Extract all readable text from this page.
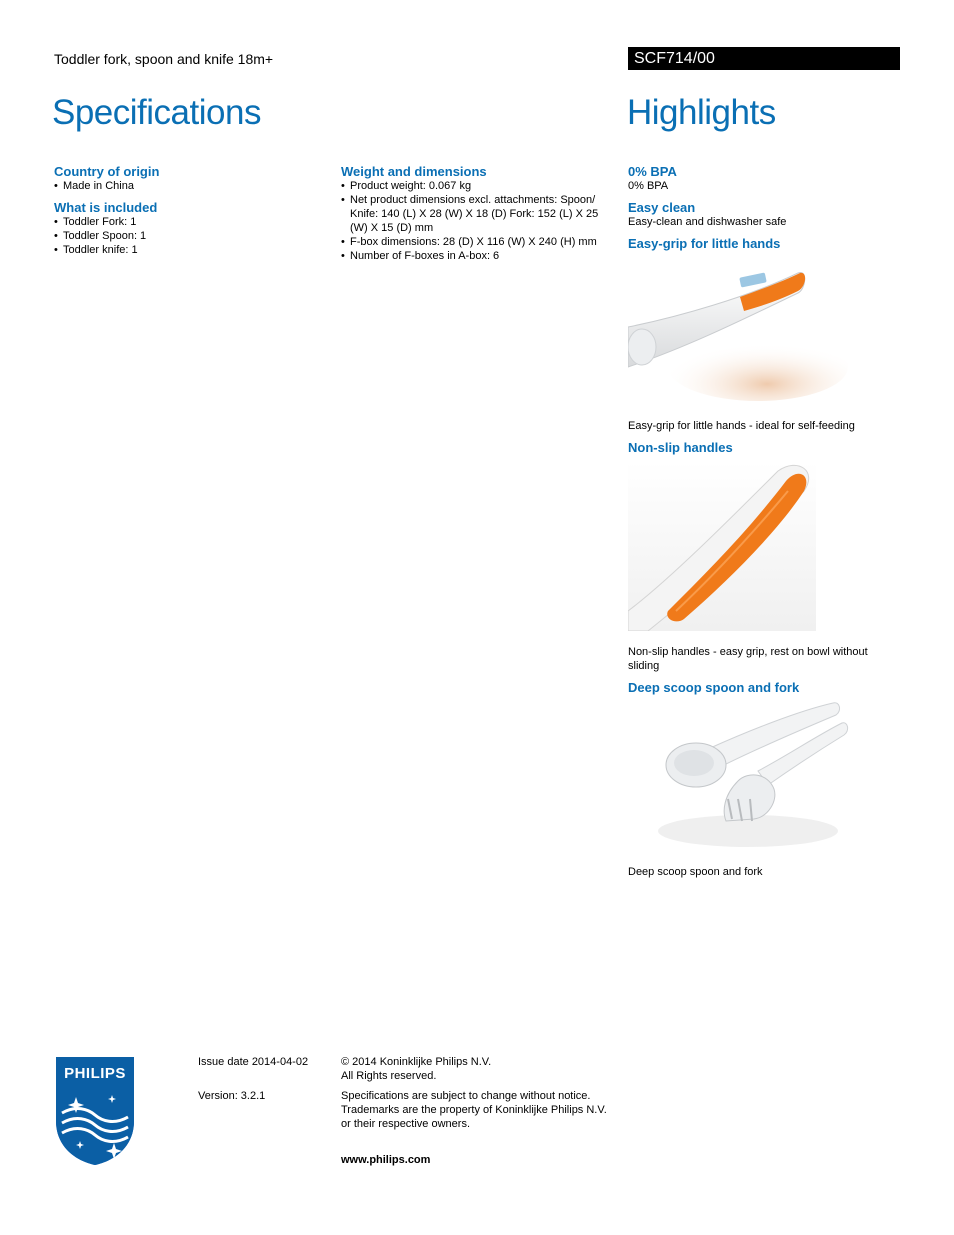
Toddler fork, spoon and knife 18m+	SCF714/00
Specifications	Highlights
Country of origin
• Made in China
What is included
• Toddler Fork: 1
• Toddler Spoon: 1
• Toddler knife: 1
Weight and dimensions
• Product weight: 0.067 kg
• Net product dimensions excl. attachments: Spoon/ Knife: 140 (L) X 28 (W) X 18 (D) Fork: 152 (L) X 25 (W) X 15 (D) mm
• F-box dimensions: 28 (D) X 116 (W) X 240 (H) mm
• Number of F-boxes in A-box: 6
0% BPA

0% BPA

Easy clean

Easy-clean and dishwasher safe

Easy-grip for little hands

Easy-grip for little hands - ideal for self-feeding

Non-slip handles

Non-slip handles - easy grip, rest on bowl without sliding

Deep scoop spoon and fork

Deep scoop spoon and fork

PHILIPS
Issue date 2014-04-02
Version: 3.2.1

© 2014 Koninklijke Philips N.V.

All Rights reserved.

Specifications are subject to change without notice.

Trademarks are the property of Koninklijke Philips N.V.

or their respective owners.

www.philips.com
